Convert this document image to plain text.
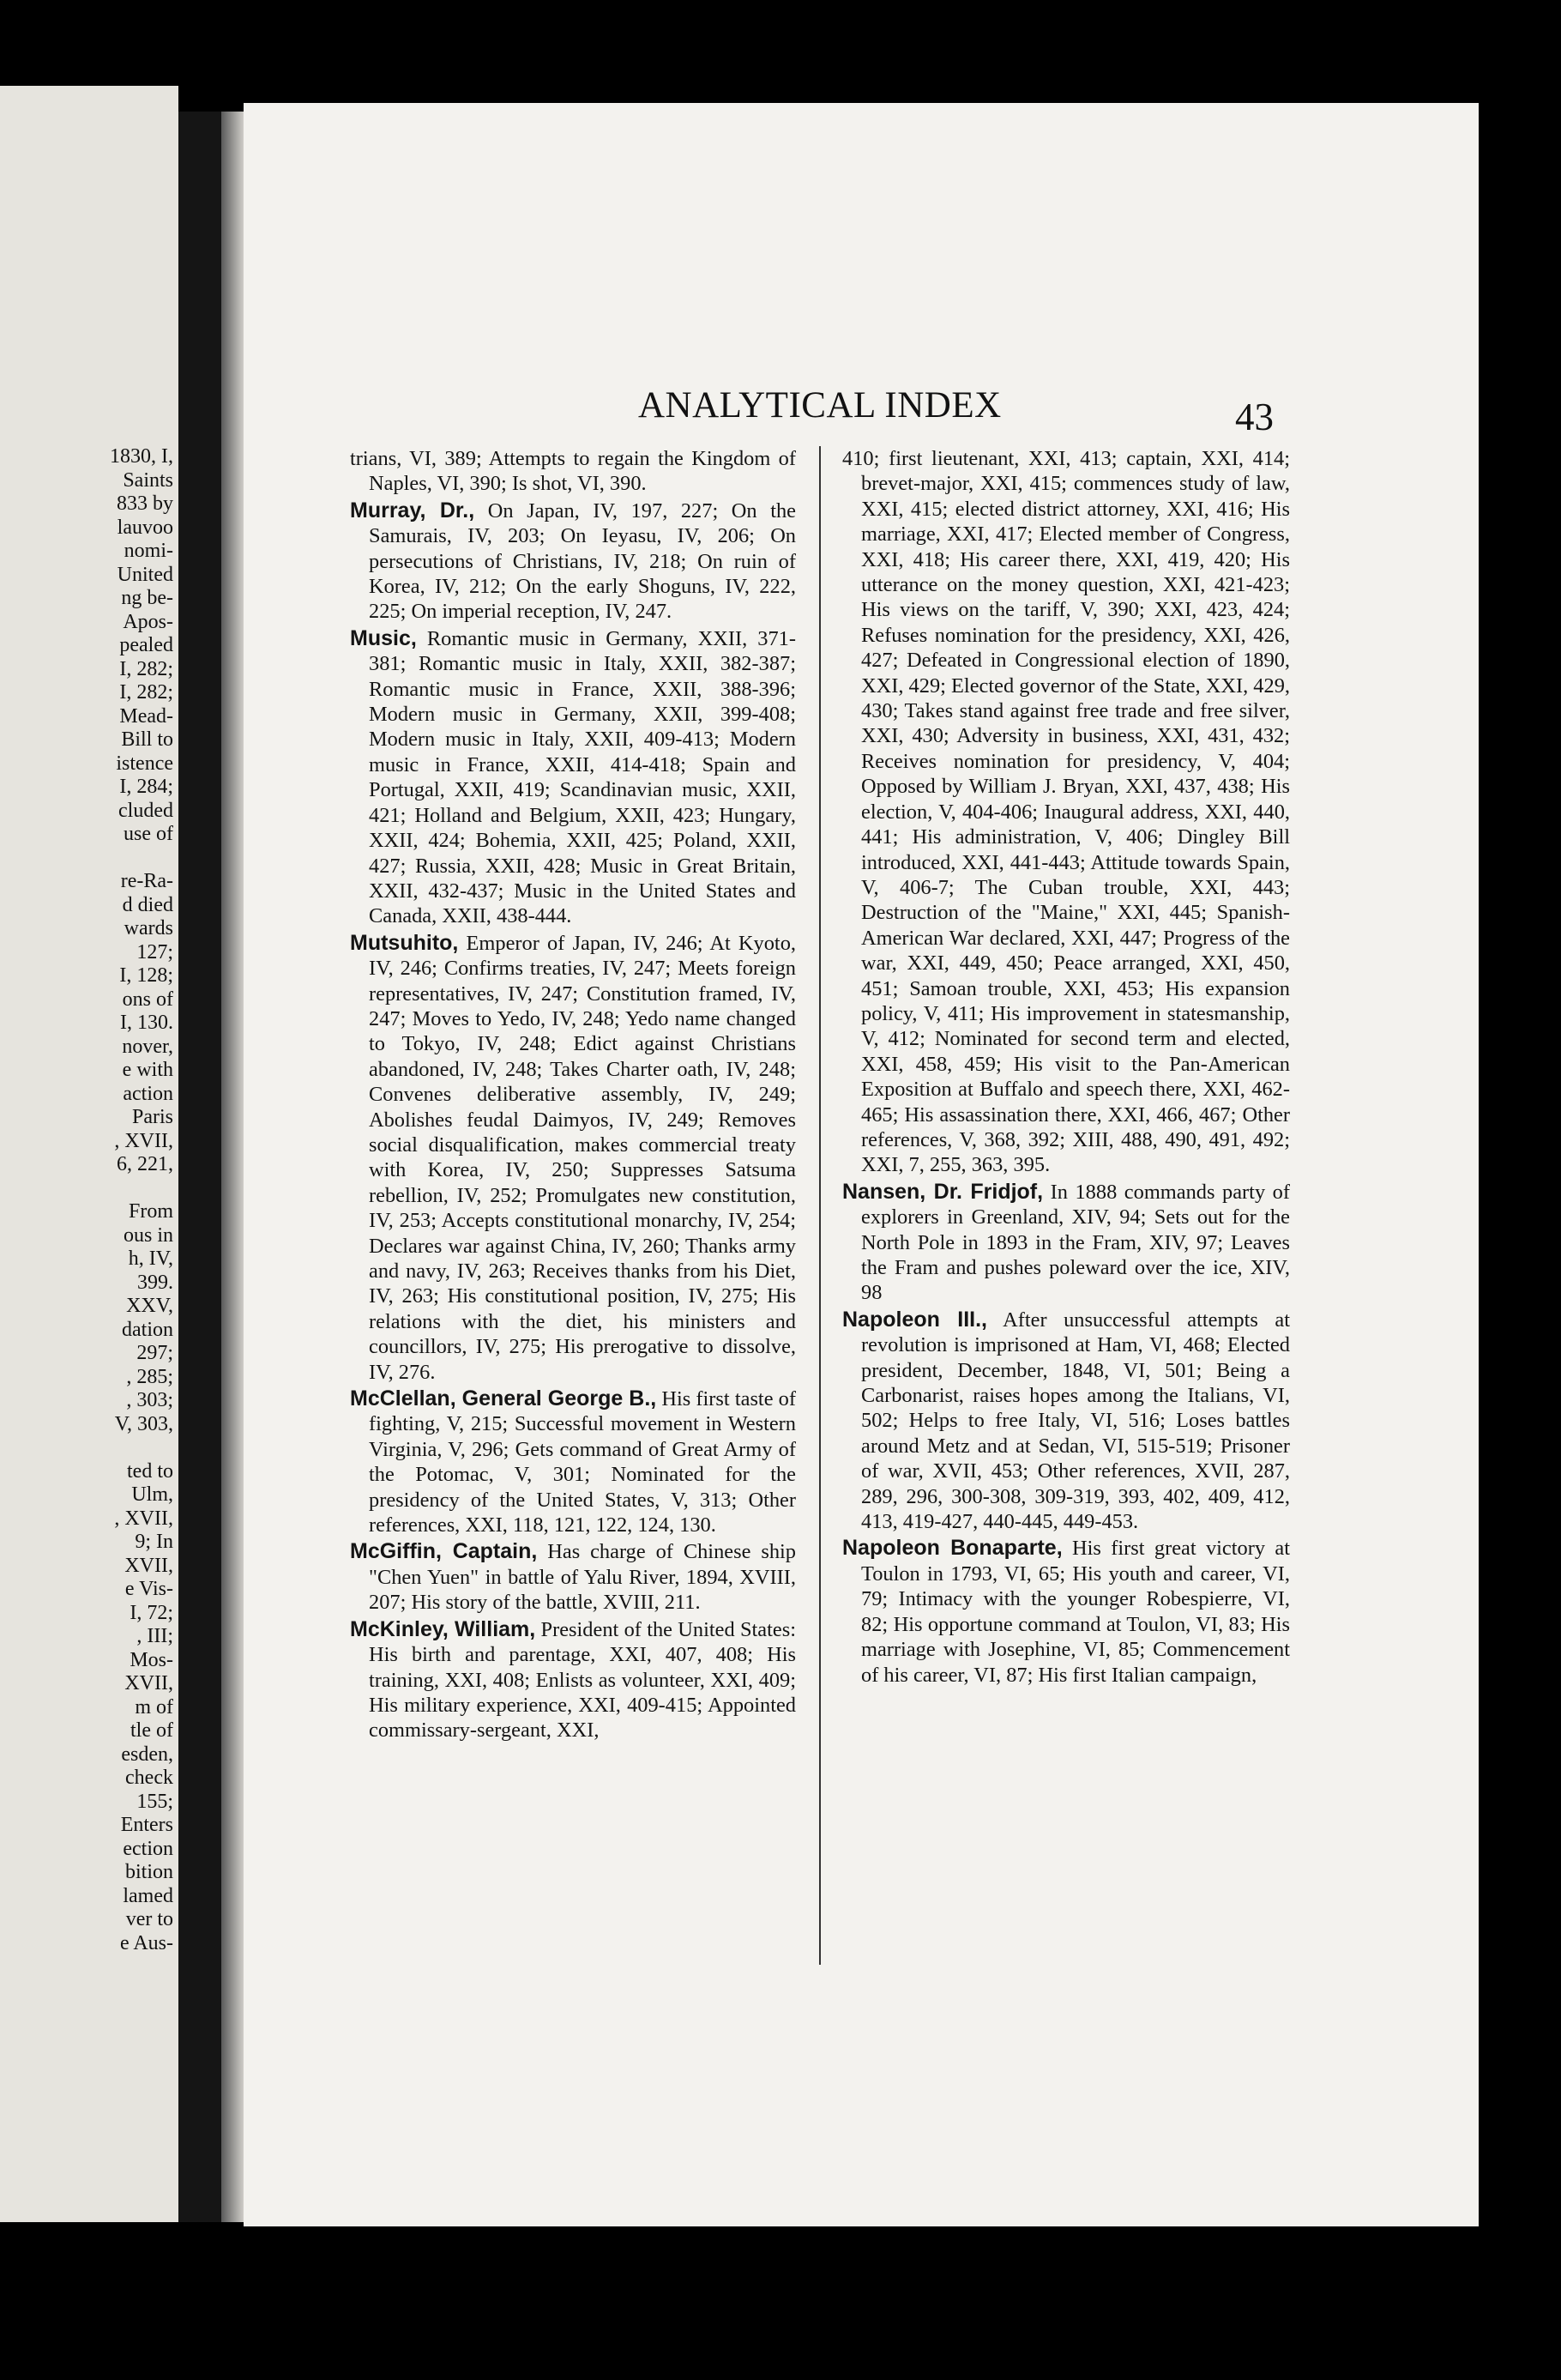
1830, I,
Saints
833 by
lauvoo
nomi-
United
ng be-
Apos-
pealed
I, 282;
I, 282;
Mead-
Bill to
istence
I, 284;
cluded
use of
re-Ra-
d died
wards
127;
I, 128;
ons of
I, 130.
nover,
e with
action
Paris
, XVII,
6, 221,
From
ous in
h, IV,
399.
XXV,
dation
297;
, 285;
, 303;
V, 303,
ted to
Ulm,
, XVII,
9; In
XVII,
e Vis-
I, 72;
, III;
Mos-
XVII,
m of
tle of
esden,
check
155;
Enters
ection
bition
lamed
ver to
e Aus-
ANALYTICAL INDEX	43

trians, VI, 389; Attempts to regain the Kingdom of Naples, VI, 390; Is shot, VI, 390.

Murray, Dr., On Japan, IV, 197, 227; On the Samurais, IV, 203; On Ieyasu, IV, 206; On persecutions of Christians, IV, 218; On ruin of Korea, IV, 212; On the early Shoguns, IV, 222, 225; On imperial reception, IV, 247.

Music, Romantic music in Germany, XXII, 371-381; Romantic music in Italy, XXII, 382-387; Romantic music in France, XXII, 388-396; Modern music in Germany, XXII, 399-408; Modern music in Italy, XXII, 409-413; Modern music in France, XXII, 414-418; Spain and Portugal, XXII, 419; Scandinavian music, XXII, 421; Holland and Belgium, XXII, 423; Hungary, XXII, 424; Bohemia, XXII, 425; Poland, XXII, 427; Russia, XXII, 428; Music in Great Britain, XXII, 432-437; Music in the United States and Canada, XXII, 438-444.

Mutsuhito, Emperor of Japan, IV, 246; At Kyoto, IV, 246; Confirms treaties, IV, 247; Meets foreign representatives, IV, 247; Constitution framed, IV, 247; Moves to Yedo, IV, 248; Yedo name changed to Tokyo, IV, 248; Edict against Christians abandoned, IV, 248; Takes Charter oath, IV, 248; Convenes deliberative assembly, IV, 249; Abolishes feudal Daimyos, IV, 249; Removes social disqualification, makes commercial treaty with Korea, IV, 250; Suppresses Satsuma rebellion, IV, 252; Promulgates new constitution, IV, 253; Accepts constitutional monarchy, IV, 254; Declares war against China, IV, 260; Thanks army and navy, IV, 263; Receives thanks from his Diet, IV, 263; His constitutional position, IV, 275; His relations with the diet, his ministers and councillors, IV, 275; His prerogative to dissolve, IV, 276.

McClellan, General George B., His first taste of fighting, V, 215; Successful movement in Western Virginia, V, 296; Gets command of Great Army of the Potomac, V, 301; Nominated for the presidency of the United States, V, 313; Other references, XXI, 118, 121, 122, 124, 130.

McGiffin, Captain, Has charge of Chinese ship "Chen Yuen" in battle of Yalu River, 1894, XVIII, 207; His story of the battle, XVIII, 211.

McKinley, William, President of the United States: His birth and parentage, XXI, 407, 408; His training, XXI, 408; Enlists as volunteer, XXI, 409; His military experience, XXI, 409-415; Appointed commissary-sergeant, XXI,

410; first lieutenant, XXI, 413; captain, XXI, 414; brevet-major, XXI, 415; commences study of law, XXI, 415; elected district attorney, XXI, 416; His marriage, XXI, 417; Elected member of Congress, XXI, 418; His career there, XXI, 419, 420; His utterance on the money question, XXI, 421-423; His views on the tariff, V, 390; XXI, 423, 424; Refuses nomination for the presidency, XXI, 426, 427; Defeated in Congressional election of 1890, XXI, 429; Elected governor of the State, XXI, 429, 430; Takes stand against free trade and free silver, XXI, 430; Adversity in business, XXI, 431, 432; Receives nomination for presidency, V, 404; Opposed by William J. Bryan, XXI, 437, 438; His election, V, 404-406; Inaugural address, XXI, 440, 441; His administration, V, 406; Dingley Bill introduced, XXI, 441-443; Attitude towards Spain, V, 406-7; The Cuban trouble, XXI, 443; Destruction of the "Maine," XXI, 445; Spanish-American War declared, XXI, 447; Progress of the war, XXI, 449, 450; Peace arranged, XXI, 450, 451; Samoan trouble, XXI, 453; His expansion policy, V, 411; His improvement in statesmanship, V, 412; Nominated for second term and elected, XXI, 458, 459; His visit to the Pan-American Exposition at Buffalo and speech there, XXI, 462-465; His assassination there, XXI, 466, 467; Other references, V, 368, 392; XIII, 488, 490, 491, 492; XXI, 7, 255, 363, 395.

Nansen, Dr. Fridjof, In 1888 commands party of explorers in Greenland, XIV, 94; Sets out for the North Pole in 1893 in the Fram, XIV, 97; Leaves the Fram and pushes poleward over the ice, XIV, 98

Napoleon III., After unsuccessful attempts at revolution is imprisoned at Ham, VI, 468; Elected president, December, 1848, VI, 501; Being a Carbonarist, raises hopes among the Italians, VI, 502; Helps to free Italy, VI, 516; Loses battles around Metz and at Sedan, VI, 515-519; Prisoner of war, XVII, 453; Other references, XVII, 287, 289, 296, 300-308, 309-319, 393, 402, 409, 412, 413, 419-427, 440-445, 449-453.

Napoleon Bonaparte, His first great victory at Toulon in 1793, VI, 65; His youth and career, VI, 79; Intimacy with the younger Robespierre, VI, 82; His opportune command at Toulon, VI, 83; His marriage with Josephine, VI, 85; Commencement of his career, VI, 87; His first Italian campaign,
